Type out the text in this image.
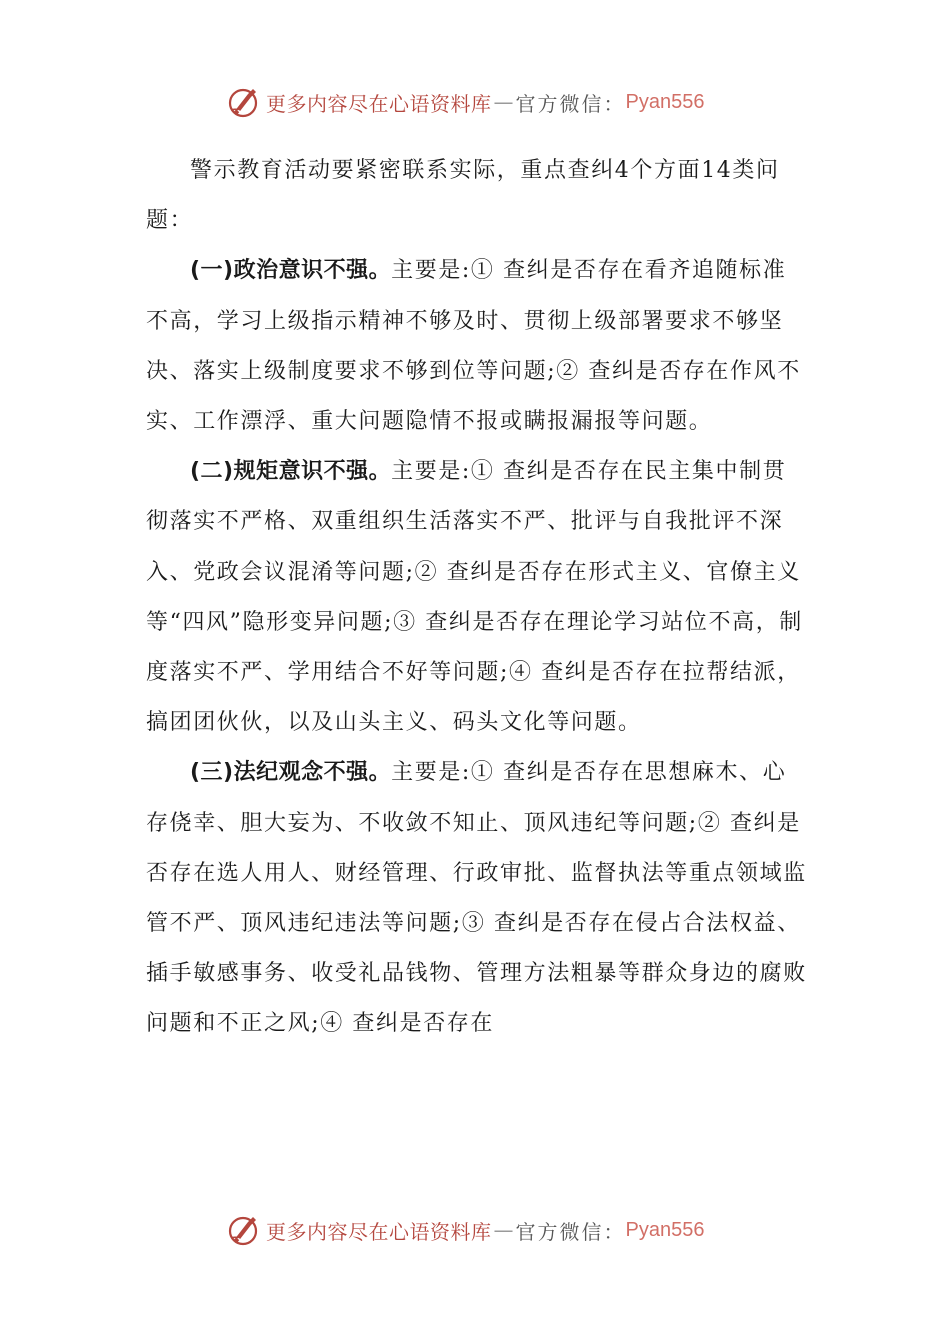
更多内容尽在心语资料库 — 官方微信： Pyan556

警示教育活动要紧密联系实际，重点查纠4个方面14类问题：

(一)政治意识不强。主要是:① 查纠是否存在看齐追随标准不高，学习上级指示精神不够及时、贯彻上级部署要求不够坚决、落实上级制度要求不够到位等问题;② 查纠是否存在作风不实、工作漂浮、重大问题隐情不报或瞒报漏报等问题。

(二)规矩意识不强。主要是:① 查纠是否存在民主集中制贯彻落实不严格、双重组织生活落实不严、批评与自我批评不深入、党政会议混淆等问题;② 查纠是否存在形式主义、官僚主义等“四风”隐形变异问题;③ 查纠是否存在理论学习站位不高，制度落实不严、学用结合不好等问题;④ 查纠是否存在拉帮结派，搞团团伙伙，以及山头主义、码头文化等问题。

(三)法纪观念不强。主要是:① 查纠是否存在思想麻木、心存侥幸、胆大妄为、不收敛不知止、顶风违纪等问题;② 查纠是否存在选人用人、财经管理、行政审批、监督执法等重点领域监管不严、顶风违纪违法等问题;③ 查纠是否存在侵占合法权益、插手敏感事务、收受礼品钱物、管理方法粗暴等群众身边的腐败问题和不正之风;④ 查纠是否存在

更多内容尽在心语资料库 — 官方微信： Pyan556
